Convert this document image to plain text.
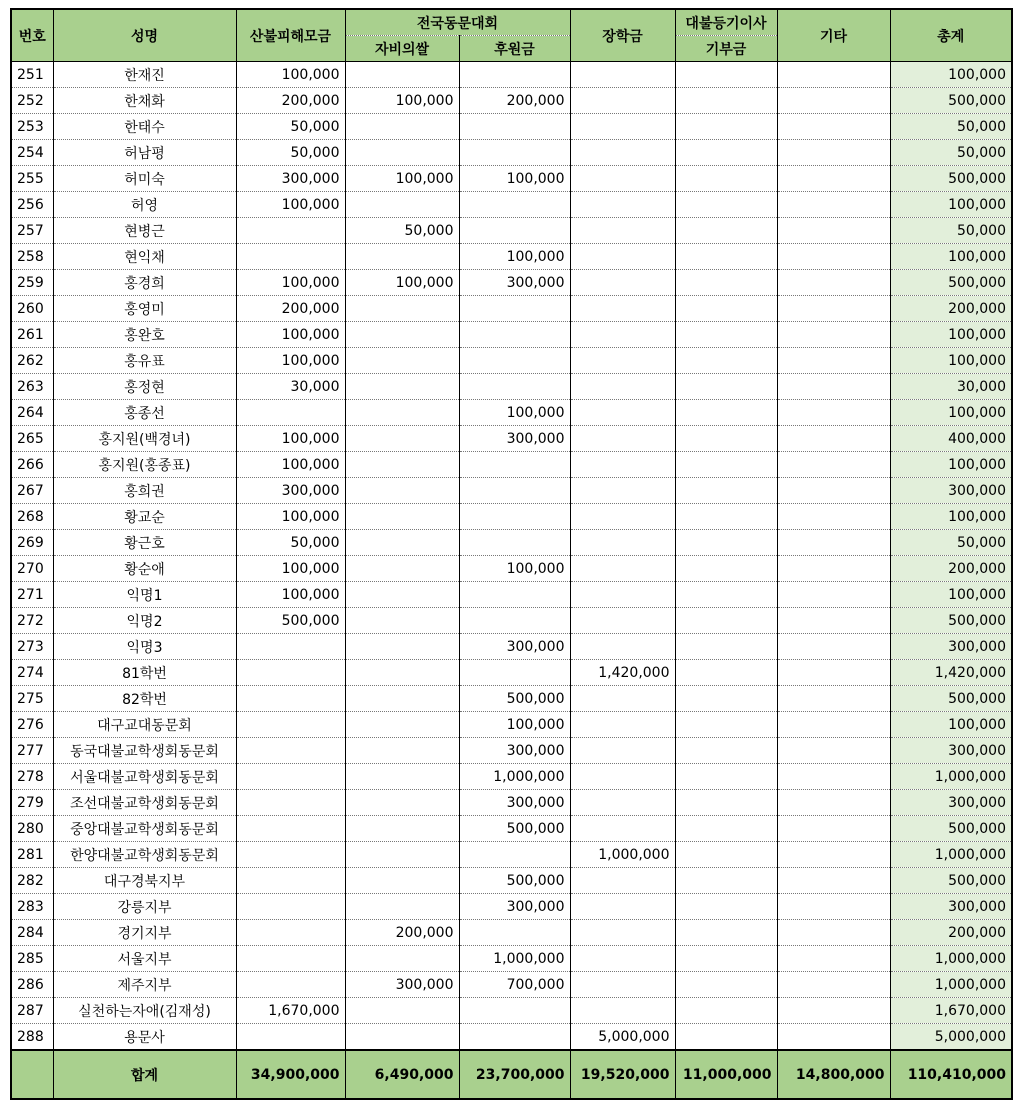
번호	성명	산불피해모금	전국동문대회		장학금	대불등기이사	기타	총계
			자비의쌀	후원금		기부금		
251	한재진	100,000						100,000
252	한채화	200,000	100,000	200,000				500,000
253	한태수	50,000						50,000
254	허남평	50,000						50,000
255	허미숙	300,000	100,000	100,000				500,000
256	허영	100,000						100,000
257	현병근		50,000					50,000
258	현익채			100,000				100,000
259	홍경희	100,000	100,000	300,000				500,000
260	홍영미	200,000						200,000
261	홍완호	100,000						100,000
262	홍유표	100,000						100,000
263	홍정현	30,000						30,000
264	홍종선			100,000				100,000
265	홍지원(백경녀)	100,000		300,000				400,000
266	홍지원(홍종표)	100,000						100,000
267	홍희권	300,000						300,000
268	황교순	100,000						100,000
269	황근호	50,000						50,000
270	황순애	100,000		100,000				200,000
271	익명1	100,000						100,000
272	익명2	500,000						500,000
273	익명3			300,000				300,000
274	81학번				1,420,000			1,420,000
275	82학번			500,000				500,000
276	대구교대동문회			100,000				100,000
277	동국대불교학생회동문회			300,000				300,000
278	서울대불교학생회동문회			1,000,000				1,000,000
279	조선대불교학생회동문회			300,000				300,000
280	중앙대불교학생회동문회			500,000				500,000
281	한양대불교학생회동문회				1,000,000			1,000,000
282	대구경북지부			500,000				500,000
283	강릉지부			300,000				300,000
284	경기지부		200,000					200,000
285	서울지부			1,000,000				1,000,000
286	제주지부		300,000	700,000				1,000,000
287	실천하는자애(김재성)	1,670,000						1,670,000
288	용문사				5,000,000			5,000,000
	합계	34,900,000	6,490,000	23,700,000	19,520,000	11,000,000	14,800,000	110,410,000
